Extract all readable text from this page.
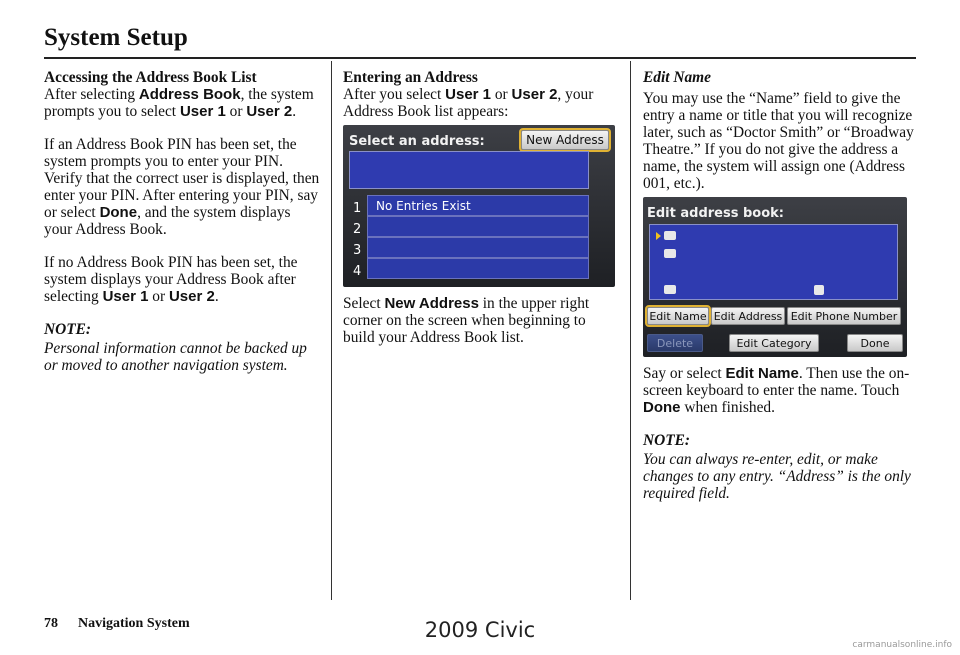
System Setup
Accessing the Address Book List

After selecting Address Book, the system prompts you to select User 1 or User 2.

If an Address Book PIN has been set, the system prompts you to enter your PIN. Verify that the correct user is displayed, then enter your PIN. After entering your PIN, say or select Done, and the system displays your Address Book.

If no Address Book PIN has been set, the system displays your Address Book after selecting User 1 or User 2.

NOTE:
Personal information cannot be backed up or moved to another navigation system.
Entering an Address
After you select User 1 or User 2, your Address Book list appears:
Select an address:	New Address
1
2
3
4
No Entries Exist
Select New Address in the upper right corner on the screen when beginning to build your Address Book list.
Edit Name
You may use the “Name” field to give the entry a name or title that you will recognize later, such as “Doctor Smith” or “Broadway Theatre.” If you do not give the address a name, the system will assign one (Address 001, etc.).
Edit address book:
Edit Name Edit Address Edit Phone Number
Delete	Edit Category	Done

Say or select Edit Name. Then use the on-screen keyboard to enter the name. Touch Done when finished.

NOTE:
You can always re-enter, edit, or make changes to any entry. “Address” is the only required field.
78 Navigation System	2009 Civic
carmanualsonline.info
